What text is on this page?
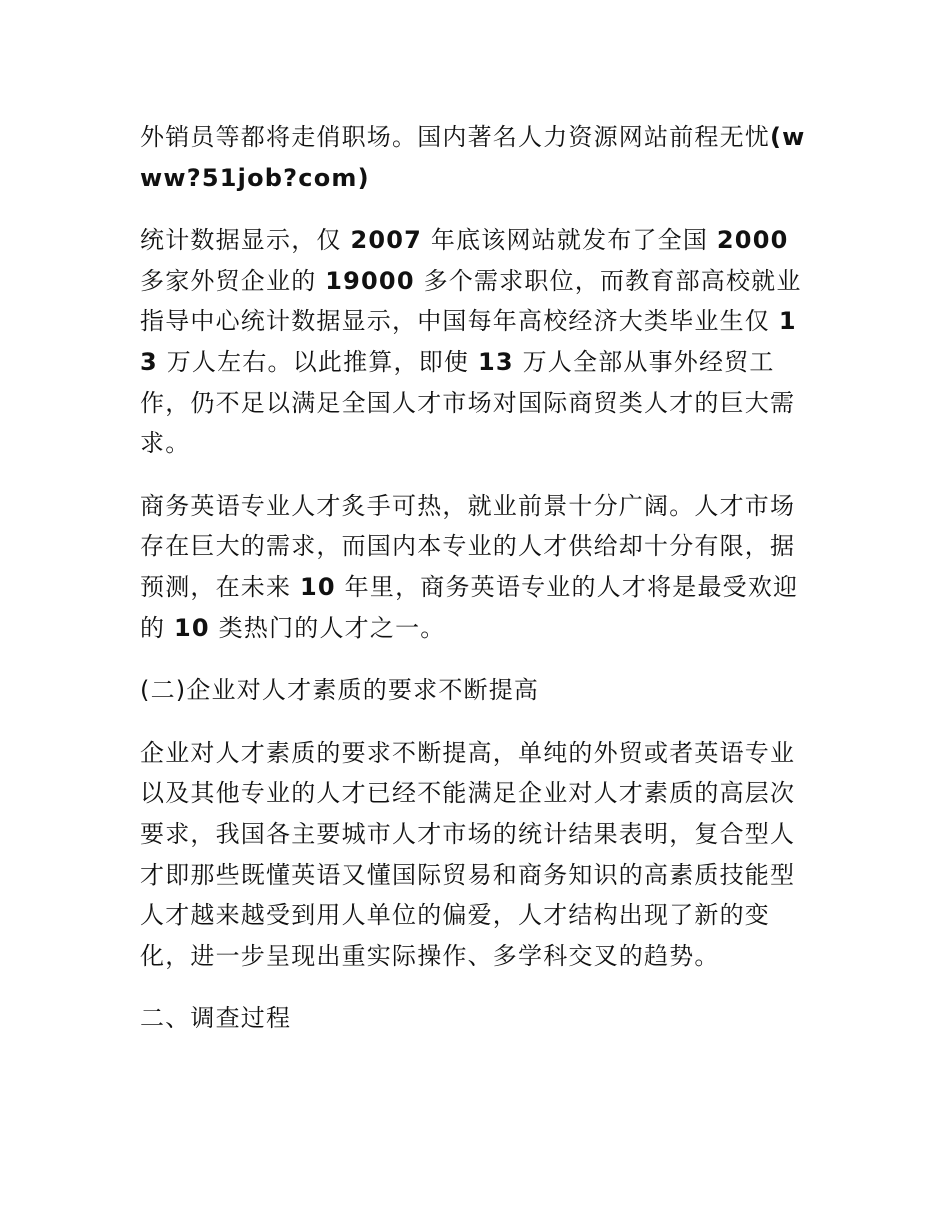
外销员等都将走俏职场。国内著名人力资源网站前程无忧(www?51job?com)

统计数据显示，仅 2007 年底该网站就发布了全国 2000 多家外贸企业的 19000 多个需求职位，而教育部高校就业指导中心统计数据显示，中国每年高校经济大类毕业生仅 13 万人左右。以此推算，即使 13 万人全部从事外经贸工作，仍不足以满足全国人才市场对国际商贸类人才的巨大需求。

商务英语专业人才炙手可热，就业前景十分广阔。人才市场存在巨大的需求，而国内本专业的人才供给却十分有限，据预测，在未来 10 年里，商务英语专业的人才将是最受欢迎的 10 类热门的人才之一。

(二)企业对人才素质的要求不断提高

企业对人才素质的要求不断提高，单纯的外贸或者英语专业以及其他专业的人才已经不能满足企业对人才素质的高层次要求，我国各主要城市人才市场的统计结果表明，复合型人才即那些既懂英语又懂国际贸易和商务知识的高素质技能型人才越来越受到用人单位的偏爱，人才结构出现了新的变化，进一步呈现出重实际操作、多学科交叉的趋势。

二、调查过程
